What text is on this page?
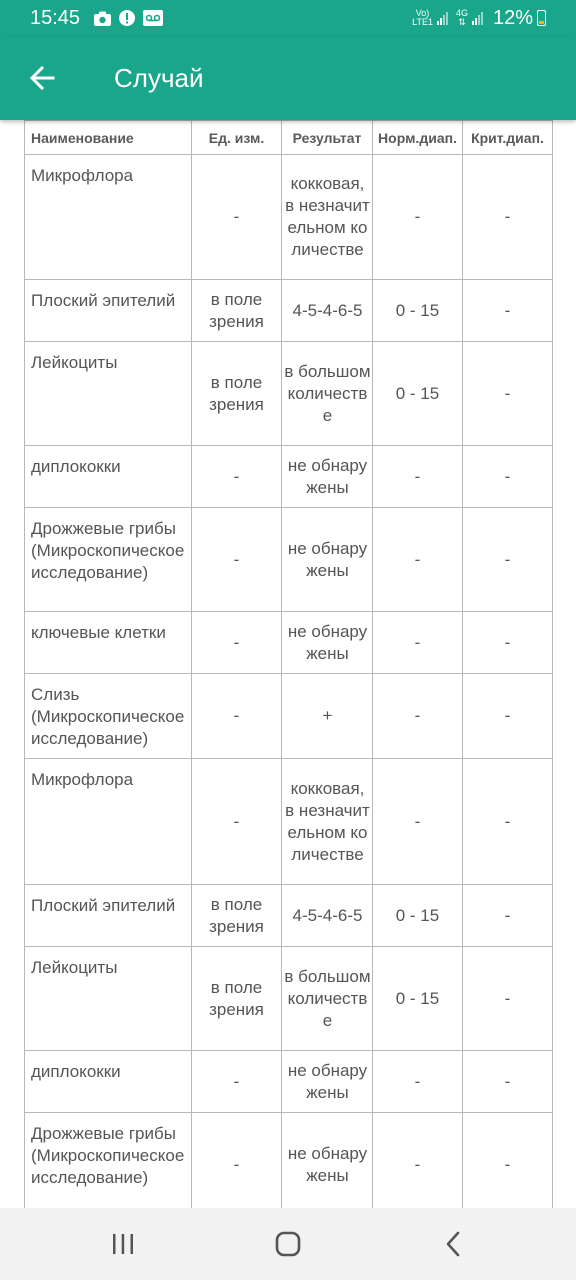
15:45	Vo)
LTE1
4G
⇅ 12%
Случай
Наименование	Ед. изм.	Результат	Норм.диап.	Крит.диап.
Микрофлора	-	кокковая, в незначительном количестве	-	-
Плоский эпителий	в поле зрения	4-5-4-6-5	0 - 15	-
Лейкоциты	в поле зрения	в большом количестве	0 - 15	-
диплококки	-	не обнаружены	-	-
Дрожжевые грибы (Микроскопическое исследование)	-	не обнаружены	-	-
ключевые клетки	-	не обнаружены	-	-
Слизь (Микроскопическое исследование)	-	+	-	-
Микрофлора	-	кокковая, в незначительном количестве	-	-
Плоский эпителий	в поле зрения	4-5-4-6-5	0 - 15	-
Лейкоциты	в поле зрения	в большом количестве	0 - 15	-
диплококки	-	не обнаружены	-	-
Дрожжевые грибы (Микроскопическое исследование)	-	не обнаружены	-	-
